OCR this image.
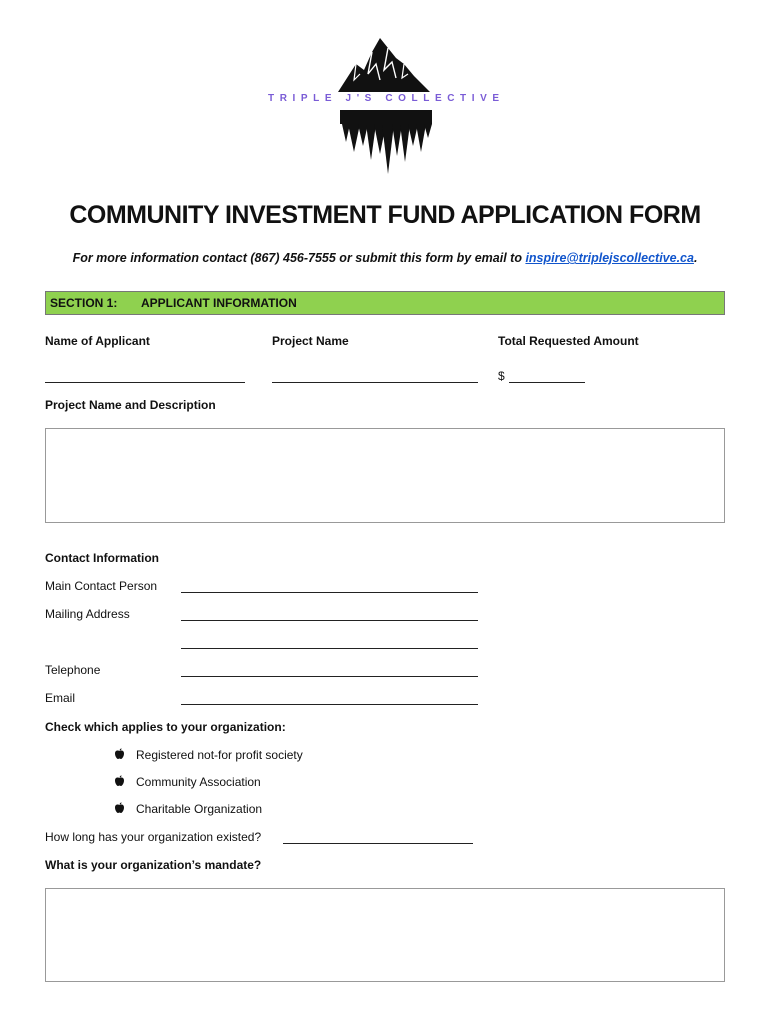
TRIPLE J'S COLLECTIVE
COMMUNITY INVESTMENT FUND APPLICATION FORM
For more information contact (867) 456-7555 or submit this form by email to inspire@triplejscollective.ca.
SECTION 1: APPLICANT INFORMATION
Name of Applicant	Project Name	Total Requested Amount
$
Project Name and Description
Contact Information
Main Contact Person
Mailing Address
Telephone
Email
Check which applies to your organization:
Registered not-for profit society
Community Association
Charitable Organization
How long has your organization existed?
What is your organization’s mandate?
